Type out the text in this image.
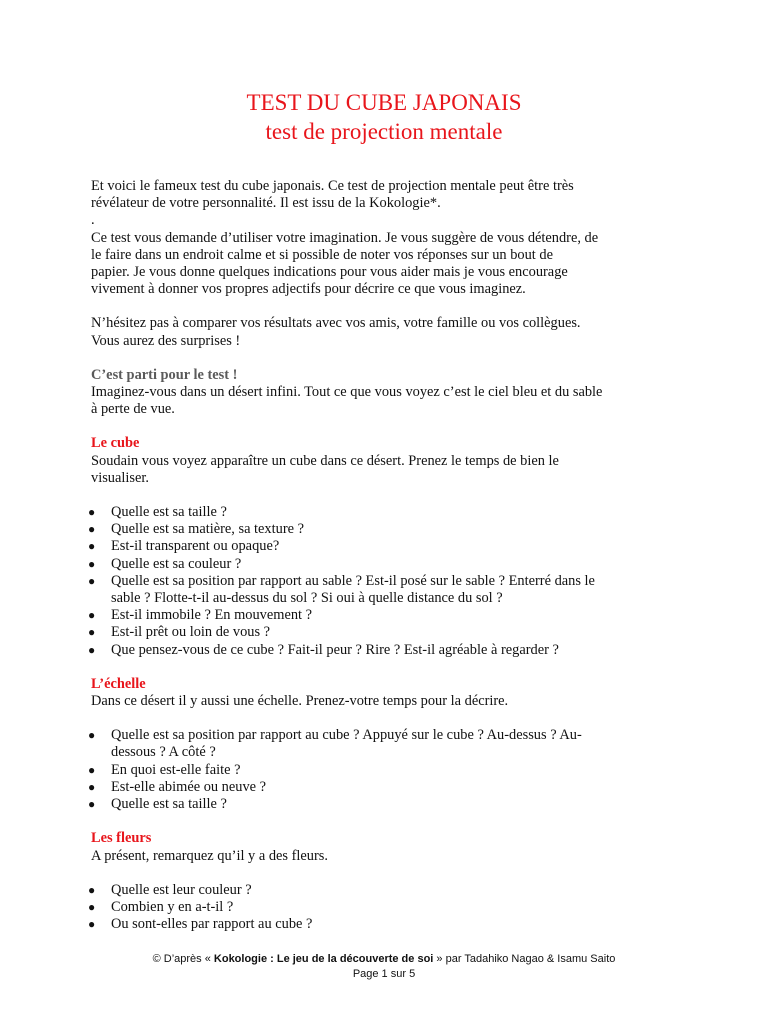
TEST DU CUBE JAPONAIS
test de projection mentale

Et voici le fameux test du cube japonais. Ce test de projection mentale peut être très

révélateur de votre personnalité. Il est issu de la Kokologie*.

.

Ce test vous demande d’utiliser votre imagination. Je vous suggère de vous détendre, de

le faire dans un endroit calme et si possible de noter vos réponses sur un bout de

papier. Je vous donne quelques indications pour vous aider mais je vous encourage

vivement à donner vos propres adjectifs pour décrire ce que vous imaginez.

N’hésitez pas à comparer vos résultats avec vos amis, votre famille ou vos collègues.

Vous aurez des surprises !

C’est parti pour le test !

Imaginez-vous dans un désert infini. Tout ce que vous voyez c’est le ciel bleu et du sable

à perte de vue.

Le cube

Soudain vous voyez apparaître un cube dans ce désert. Prenez le temps de bien le

visualiser.

● Quelle est sa taille ?
● Quelle est sa matière, sa texture ?
● Est-il transparent ou opaque?
● Quelle est sa couleur ?
● Quelle est sa position par rapport au sable ? Est-il posé sur le sable ? Enterré dans le
sable ? Flotte-t-il au-dessus du sol ? Si oui à quelle distance du sol ?
● Est-il immobile ? En mouvement ?
● Est-il prêt ou loin de vous ?
● Que pensez-vous de ce cube ? Fait-il peur ? Rire ? Est-il agréable à regarder ?

L’échelle

Dans ce désert il y aussi une échelle. Prenez-votre temps pour la décrire.

● Quelle est sa position par rapport au cube ? Appuyé sur le cube ? Au-dessus ? Au-
dessous ? A côté ?
● En quoi est-elle faite ?
● Est-elle abimée ou neuve ?
● Quelle est sa taille ?

Les fleurs

A présent, remarquez qu’il y a des fleurs.

● Quelle est leur couleur ?
● Combien y en a-t-il ?
● Ou sont-elles par rapport au cube ?
© D’après « Kokologie : Le jeu de la découverte de soi » par Tadahiko Nagao & Isamu Saito
Page 1 sur 5
